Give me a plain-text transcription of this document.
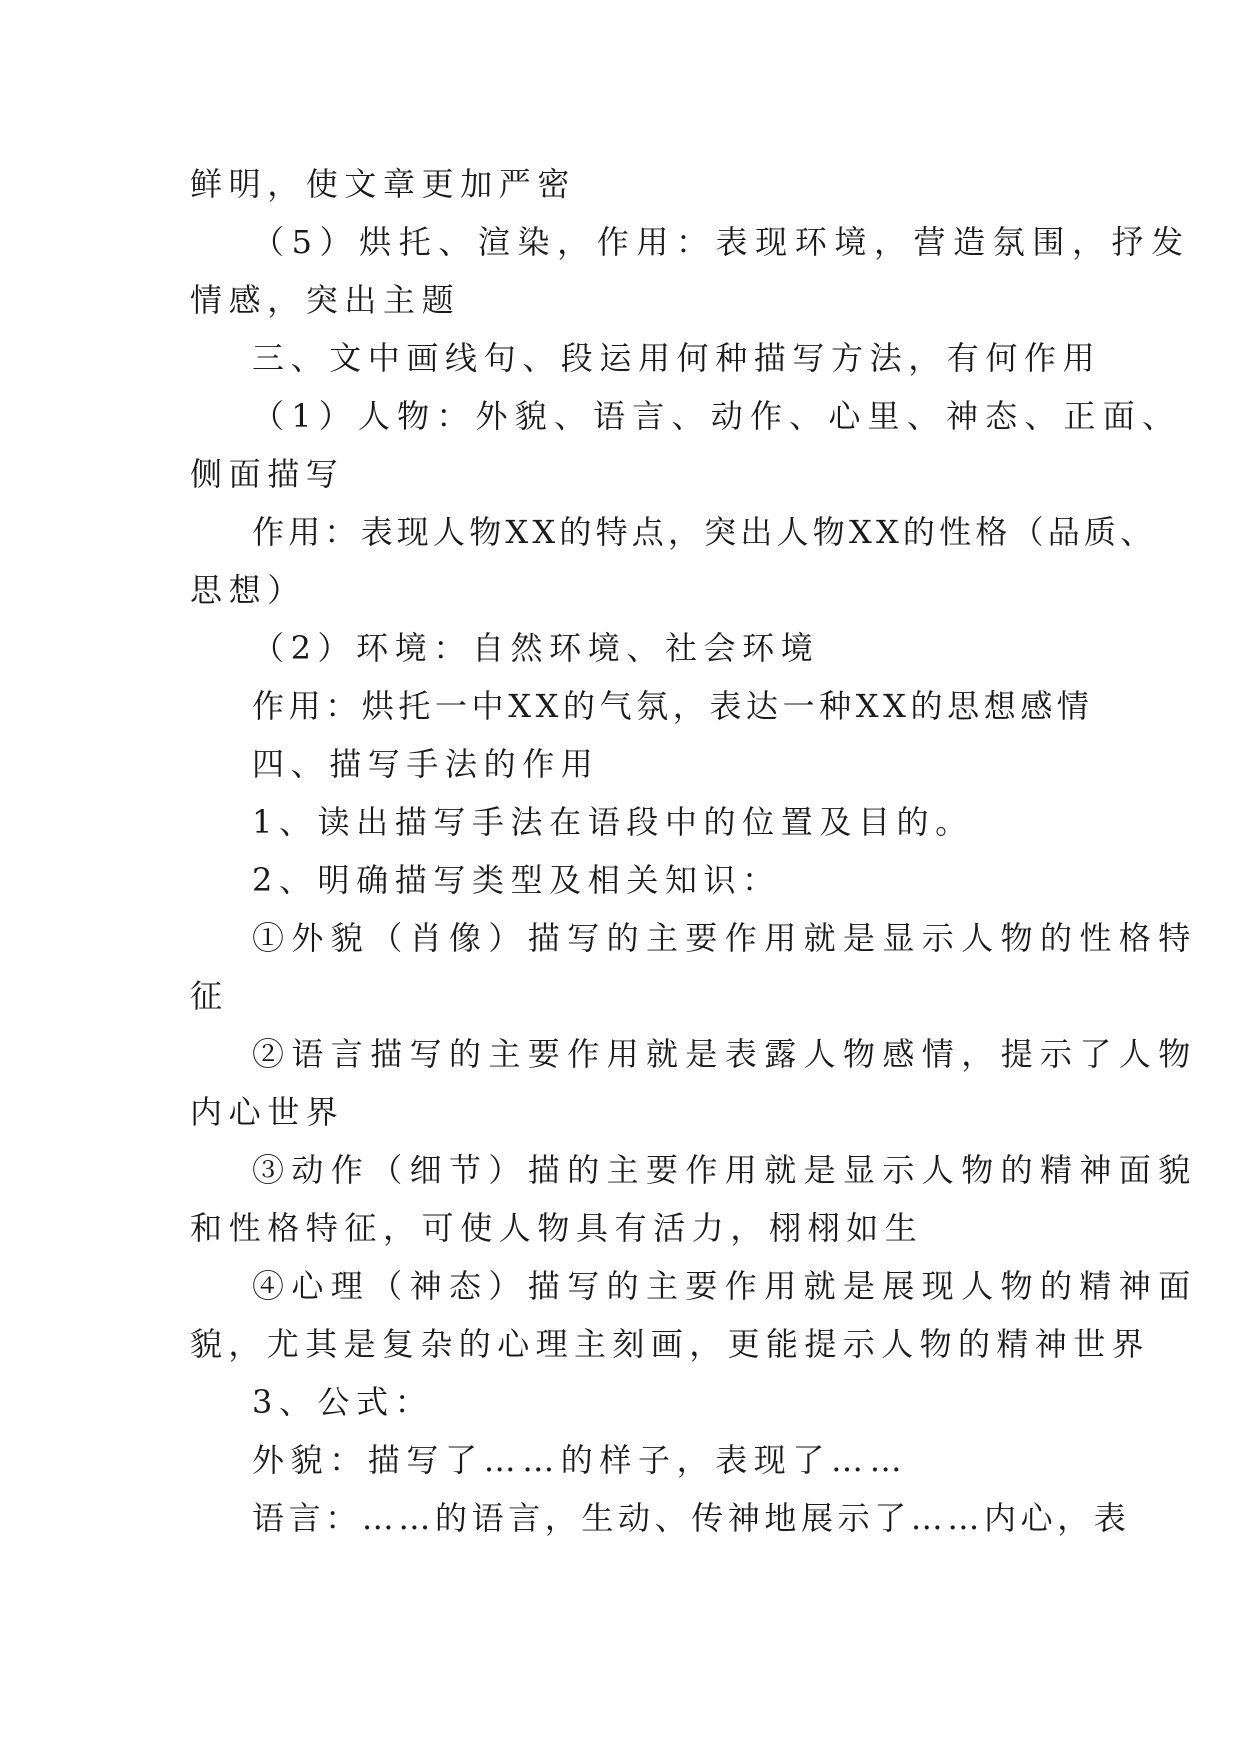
鲜明，使文章更加严密

（5）烘托、渲染，作用：表现环境，营造氛围，抒发

情感，突出主题

三、文中画线句、段运用何种描写方法，有何作用

（1）人物：外貌、语言、动作、心里、神态、正面、

侧面描写

作用：表现人物XX的特点，突出人物XX的性格（品质、

思想）

（2）环境：自然环境、社会环境

作用：烘托一中XX的气氛，表达一种XX的思想感情

四、描写手法的作用

1、读出描写手法在语段中的位置及目的。

2、明确描写类型及相关知识：

①外貌（肖像）描写的主要作用就是显示人物的性格特

征

②语言描写的主要作用就是表露人物感情，提示了人物

内心世界

③动作（细节）描的主要作用就是显示人物的精神面貌

和性格特征，可使人物具有活力，栩栩如生

④心理（神态）描写的主要作用就是展现人物的精神面

貌，尤其是复杂的心理主刻画，更能提示人物的精神世界

3、公式：

外貌：描写了……的样子，表现了……

语言：……的语言，生动、传神地展示了……内心，表
